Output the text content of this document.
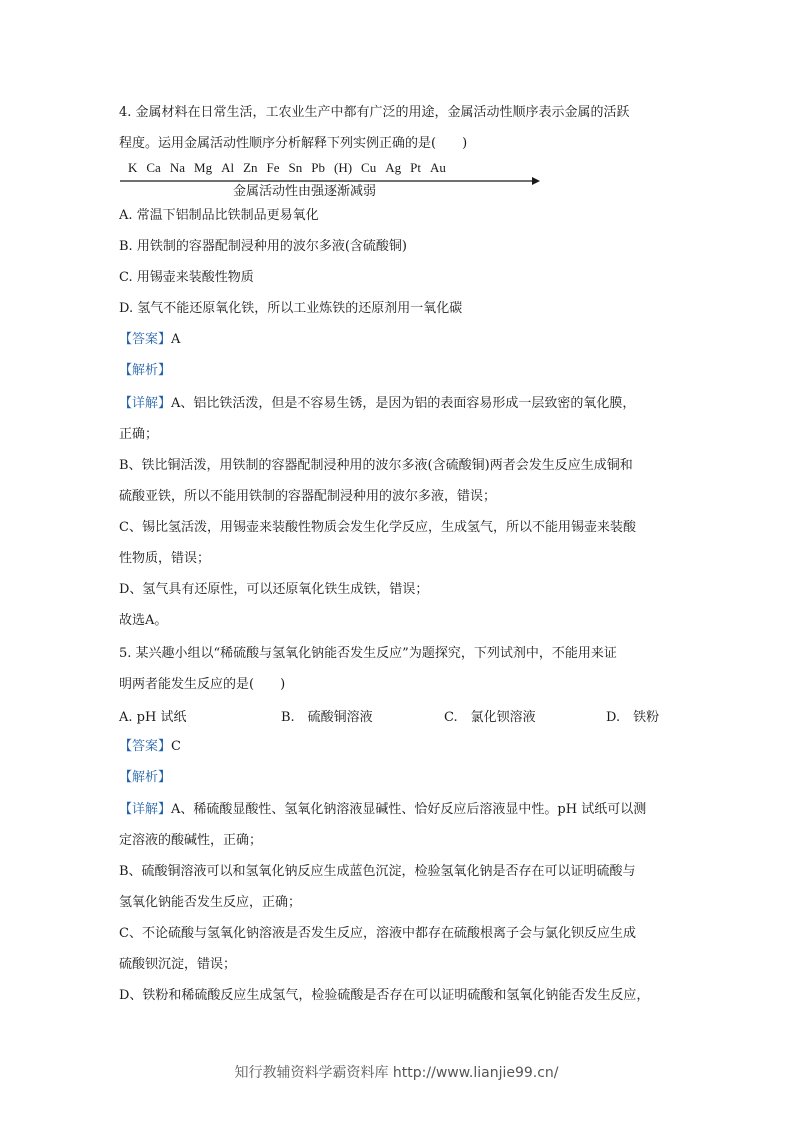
4. 金属材料在日常生活，工农业生产中都有广泛的用途，金属活动性顺序表示金属的活跃
程度。运用金属活动性顺序分析解释下列实例正确的是(　　)
K Ca Na Mg Al Zn Fe Sn Pb (H) Cu Ag Pt Au
金属活动性由强逐渐减弱
A. 常温下铝制品比铁制品更易氧化
B. 用铁制的容器配制浸种用的波尔多液(含硫酸铜)
C. 用锡壶来装酸性物质
D. 氢气不能还原氧化铁，所以工业炼铁的还原剂用一氧化碳
【答案】A
【解析】
【详解】A、铝比铁活泼，但是不容易生锈，是因为铝的表面容易形成一层致密的氧化膜，
正确；
B、铁比铜活泼，用铁制的容器配制浸种用的波尔多液(含硫酸铜)两者会发生反应生成铜和
硫酸亚铁，所以不能用铁制的容器配制浸种用的波尔多液，错误；
C、锡比氢活泼，用锡壶来装酸性物质会发生化学反应，生成氢气，所以不能用锡壶来装酸
性物质，错误；
D、氢气具有还原性，可以还原氧化铁生成铁，错误；
故选A。
5. 某兴趣小组以“稀硫酸与氢氧化钠能否发生反应”为题探究，下列试剂中，不能用来证
明两者能发生反应的是(　　)
A. pH 试纸	B.　硫酸铜溶液	C.　氯化钡溶液	D.　铁粉
【答案】C
【解析】
【详解】A、稀硫酸显酸性、氢氧化钠溶液显碱性、恰好反应后溶液显中性。pH 试纸可以测
定溶液的酸碱性，正确；
B、硫酸铜溶液可以和氢氧化钠反应生成蓝色沉淀，检验氢氧化钠是否存在可以证明硫酸与
氢氧化钠能否发生反应，正确；
C、不论硫酸与氢氧化钠溶液是否发生反应，溶液中都存在硫酸根离子会与氯化钡反应生成
硫酸钡沉淀，错误；
D、铁粉和稀硫酸反应生成氢气，检验硫酸是否存在可以证明硫酸和氢氧化钠能否发生反应，
知行教辅资料学霸资料库 http://www.lianjie99.cn/
